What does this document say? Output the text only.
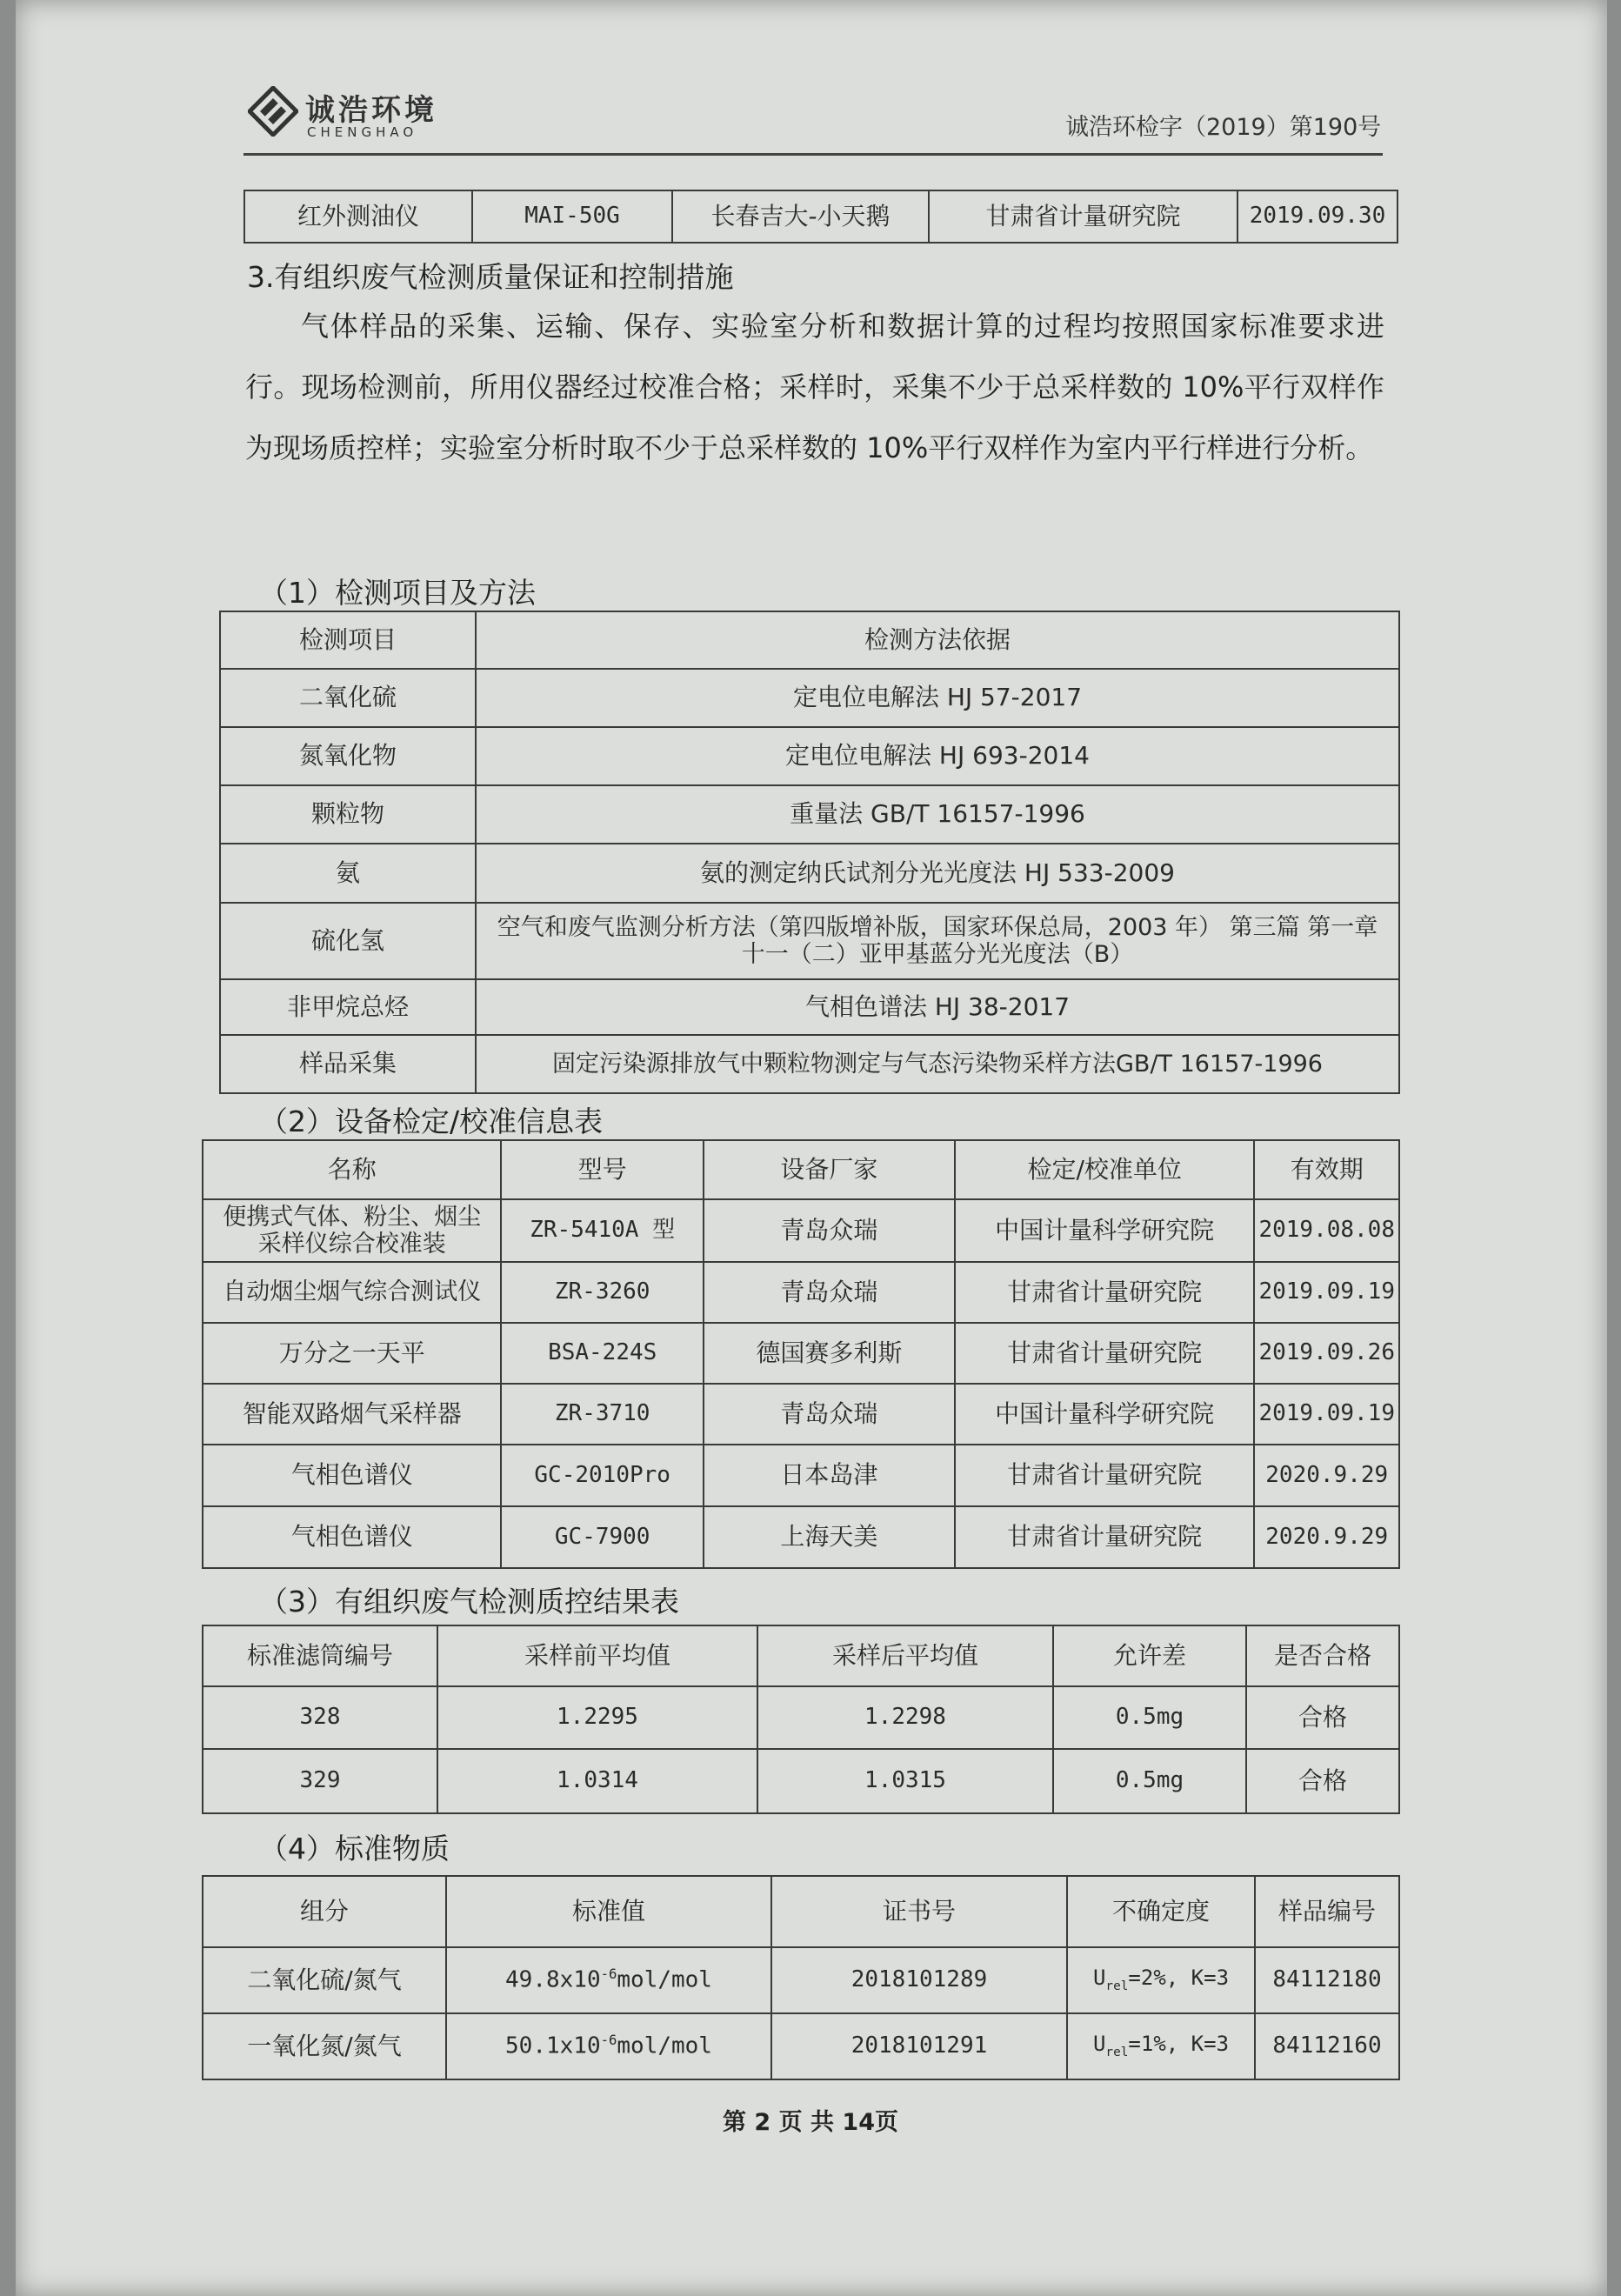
诚浩环境
CHENGHAO	诚浩环检字（2019）第190号
红外测油仪	MAI-50G	长春吉大-小天鹅	甘肃省计量研究院	2019.09.30
3.有组织废气检测质量保证和控制措施

气体样品的采集、运输、保存、实验室分析和数据计算的过程均按照国家标准要求进行。现场检测前，所用仪器经过校准合格；采样时，采集不少于总采样数的 10%平行双样作为现场质控样；实验室分析时取不少于总采样数的 10%平行双样作为室内平行样进行分析。

（1）检测项目及方法
检测项目	检测方法依据
二氧化硫	定电位电解法 HJ 57-2017
氮氧化物	定电位电解法 HJ 693-2014
颗粒物	重量法 GB/T 16157-1996
氨	氨的测定纳氏试剂分光光度法 HJ 533-2009
硫化氢	空气和废气监测分析方法（第四版增补版，国家环保总局，2003 年） 第三篇 第一章 十一（二）亚甲基蓝分光光度法（B）
非甲烷总烃	气相色谱法 HJ 38-2017
样品采集	固定污染源排放气中颗粒物测定与气态污染物采样方法GB/T 16157-1996
（2）设备检定/校准信息表
名称	型号	设备厂家	检定/校准单位	有效期
便携式气体、粉尘、烟尘采样仪综合校准装	ZR-5410A 型	青岛众瑞	中国计量科学研究院	2019.08.08
自动烟尘烟气综合测试仪	ZR-3260	青岛众瑞	甘肃省计量研究院	2019.09.19
万分之一天平	BSA-224S	德国赛多利斯	甘肃省计量研究院	2019.09.26
智能双路烟气采样器	ZR-3710	青岛众瑞	中国计量科学研究院	2019.09.19
气相色谱仪	GC-2010Pro	日本岛津	甘肃省计量研究院	2020.9.29
气相色谱仪	GC-7900	上海天美	甘肃省计量研究院	2020.9.29
（3）有组织废气检测质控结果表
标准滤筒编号	采样前平均值	采样后平均值	允许差	是否合格
328	1.2295	1.2298	0.5mg	合格
329	1.0314	1.0315	0.5mg	合格
（4）标准物质
组分	标准值	证书号	不确定度	样品编号
二氧化硫/氮气	$49.8x10^{-6}mol$/mol	2018101289	$U_{rel}=2\%$, K=3	84112180
一氧化氮/氮气	$50.1x10^{-6}mol$/mol	2018101291	$U_{rel}=1\%$, K=3	84112160
第 2 页 共 14页
